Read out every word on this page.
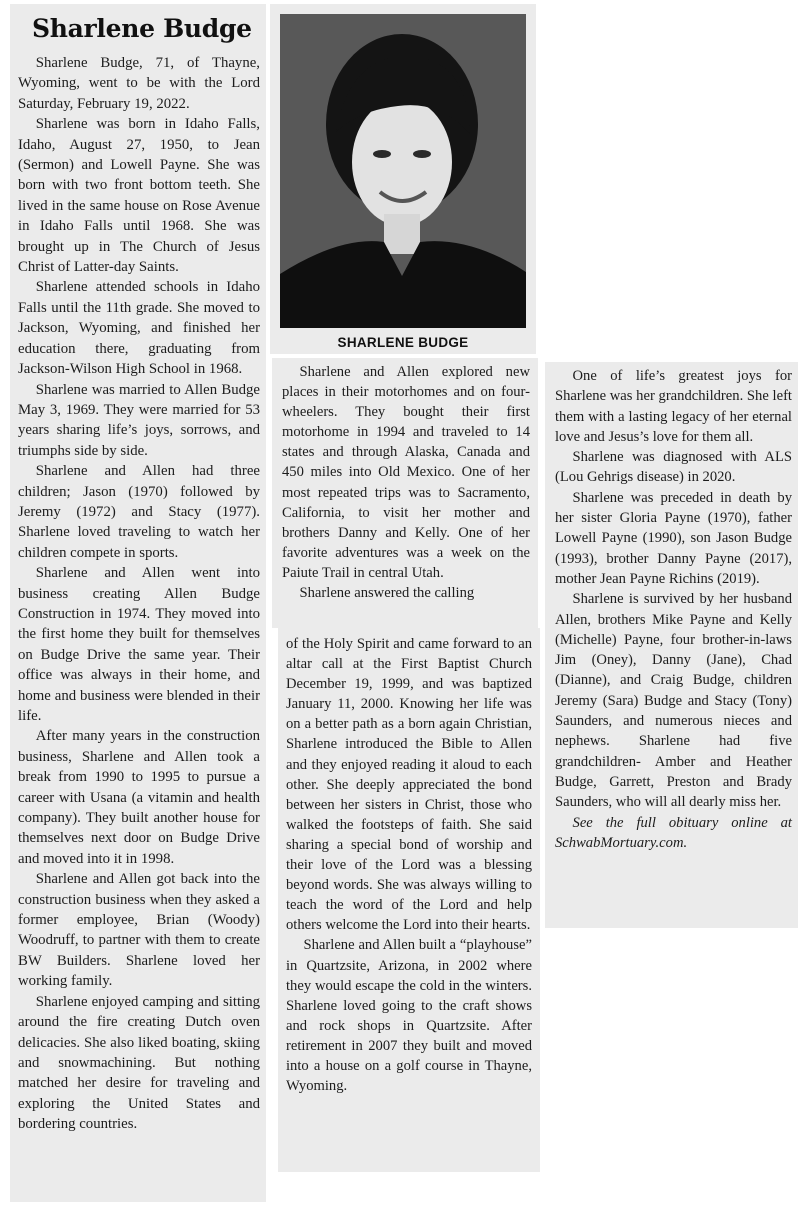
Sharlene Budge

Sharlene Budge, 71, of Thayne, Wyoming, went to be with the Lord Saturday, February 19, 2022.

Sharlene was born in Idaho Falls, Idaho, August 27, 1950, to Jean (Sermon) and Lowell Payne. She was born with two front bottom teeth. She lived in the same house on Rose Avenue in Idaho Falls until 1968. She was brought up in The Church of Jesus Christ of Latter-day Saints.

Sharlene attended schools in Idaho Falls until the 11th grade. She moved to Jackson, Wyoming, and finished her education there, graduating from Jackson-Wilson High School in 1968.

Sharlene was married to Allen Budge May 3, 1969. They were married for 53 years sharing life’s joys, sorrows, and triumphs side by side.

Sharlene and Allen had three children; Jason (1970) followed by Jeremy (1972) and Stacy (1977). Sharlene loved traveling to watch her children compete in sports.

Sharlene and Allen went into business creating Allen Budge Construction in 1974. They moved into the first home they built for themselves on Budge Drive the same year. Their office was always in their home, and home and business were blended in their life.

After many years in the construction business, Sharlene and Allen took a break from 1990 to 1995 to pursue a career with Usana (a vitamin and health company). They built another house for themselves next door on Budge Drive and moved into it in 1998.

Sharlene and Allen got back into the construction business when they asked a former employee, Brian (Woody) Woodruff, to partner with them to create BW Builders. Sharlene loved her working family.

Sharlene enjoyed camping and sitting around the fire creating Dutch oven delicacies. She also liked boating, skiing and snowmachining. But nothing matched her desire for traveling and exploring the United States and bordering countries.

SHARLENE BUDGE

Sharlene and Allen explored new places in their motorhomes and on four-wheelers. They bought their first motorhome in 1994 and traveled to 14 states and through Alaska, Canada and 450 miles into Old Mexico. One of her most repeated trips was to Sacramento, California, to visit her mother and brothers Danny and Kelly. One of her favorite adventures was a week on the Paiute Trail in central Utah.

Sharlene answered the calling

of the Holy Spirit and came forward to an altar call at the First Baptist Church December 19, 1999, and was baptized January 11, 2000. Knowing her life was on a better path as a born again Christian, Sharlene introduced the Bible to Allen and they enjoyed reading it aloud to each other. She deeply appreciated the bond between her sisters in Christ, those who walked the footsteps of faith. She said sharing a special bond of worship and their love of the Lord was a blessing beyond words. She was always willing to teach the word of the Lord and help others welcome the Lord into their hearts.

Sharlene and Allen built a “playhouse” in Quartzsite, Arizona, in 2002 where they would escape the cold in the winters. Sharlene loved going to the craft shows and rock shops in Quartzsite. After retirement in 2007 they built and moved into a house on a golf course in Thayne, Wyoming.

One of life’s greatest joys for Sharlene was her grandchildren. She left them with a lasting legacy of her eternal love and Jesus’s love for them all.

Sharlene was diagnosed with ALS (Lou Gehrigs disease) in 2020.

Sharlene was preceded in death by her sister Gloria Payne (1970), father Lowell Payne (1990), son Jason Budge (1993), brother Danny Payne (2017), mother Jean Payne Richins (2019).

Sharlene is survived by her husband Allen, brothers Mike Payne and Kelly (Michelle) Payne, four brother-in-laws Jim (Oney), Danny (Jane), Chad (Dianne), and Craig Budge, children Jeremy (Sara) Budge and Stacy (Tony) Saunders, and numerous nieces and nephews. Sharlene had five grandchildren- Amber and Heather Budge, Garrett, Preston and Brady Saunders, who will all dearly miss her.

See the full obituary online at SchwabMortuary.com.
